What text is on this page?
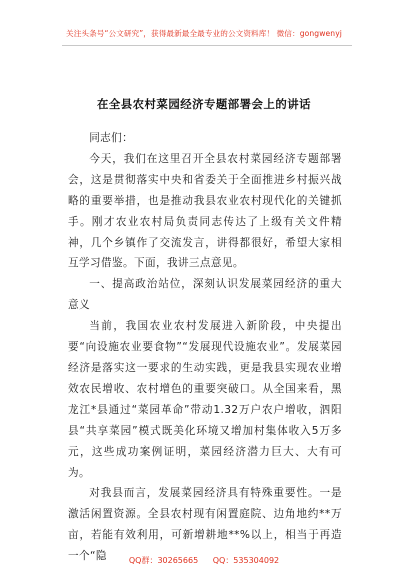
关注头条号“公文研究”，获得最新最全最专业的公文资料库！ 微信：gongwenyj
在全县农村菜园经济专题部署会上的讲话

同志们：

今天，我们在这里召开全县农村菜园经济专题部署会，这是贯彻落实中央和省委关于全面推进乡村振兴战略的重要举措，也是推动我县农业农村现代化的关键抓手。刚才农业农村局负责同志传达了上级有关文件精神，几个乡镇作了交流发言，讲得都很好，希望大家相互学习借鉴。下面，我讲三点意见。

一、提高政治站位，深刻认识发展菜园经济的重大意义

当前，我国农业农村发展进入新阶段，中央提出要“向设施农业要食物”“发展现代设施农业”。发展菜园经济是落实这一要求的生动实践，更是我县实现农业增效农民增收、农村增色的重要突破口。从全国来看，黑龙江*县通过“菜园革命”带动1.32万户农户增收，泗阳县“共享菜园”模式既美化环境又增加村集体收入5万多元，这些成功案例证明，菜园经济潜力巨大、大有可为。

对我县而言，发展菜园经济具有特殊重要性。一是激活闲置资源。全县农村现有闲置庭院、边角地约**万亩，若能有效利用，可新增耕地**%以上，相当于再造一个“隐	QQ群：30265665 QQ：535304092
